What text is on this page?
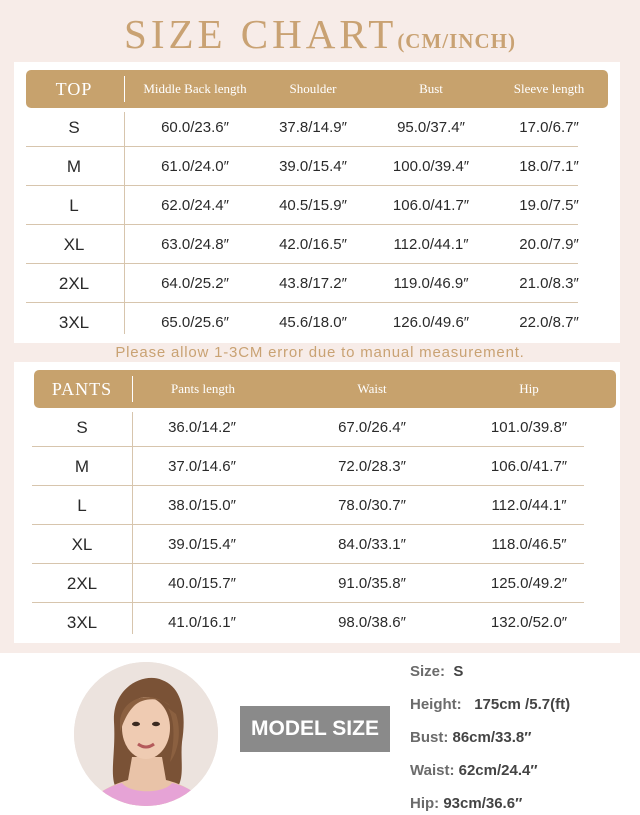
SIZE CHART(CM/INCH)
TOP	Middle Back length	Shoulder	Bust	Sleeve length
S	60.0/23.6″	37.8/14.9″	95.0/37.4″	17.0/6.7″
M	61.0/24.0″	39.0/15.4″	100.0/39.4″	18.0/7.1″
L	62.0/24.4″	40.5/15.9″	106.0/41.7″	19.0/7.5″
XL	63.0/24.8″	42.0/16.5″	112.0/44.1″	20.0/7.9″
2XL	64.0/25.2″	43.8/17.2″	119.0/46.9″	21.0/8.3″
3XL	65.0/25.6″	45.6/18.0″	126.0/49.6″	22.0/8.7″
Please allow 1-3CM error due to manual measurement.
PANTS	Pants length	Waist	Hip
S	36.0/14.2″	67.0/26.4″	101.0/39.8″
M	37.0/14.6″	72.0/28.3″	106.0/41.7″
L	38.0/15.0″	78.0/30.7″	112.0/44.1″
XL	39.0/15.4″	84.0/33.1″	118.0/46.5″
2XL	40.0/15.7″	91.0/35.8″	125.0/49.2″
3XL	41.0/16.1″	98.0/38.6″	132.0/52.0″
MODEL SIZE
Size: S
Height: 175cm /5.7(ft)
Bust: 86cm/33.8″
Waist: 62cm/24.4″
Hip: 93cm/36.6″
